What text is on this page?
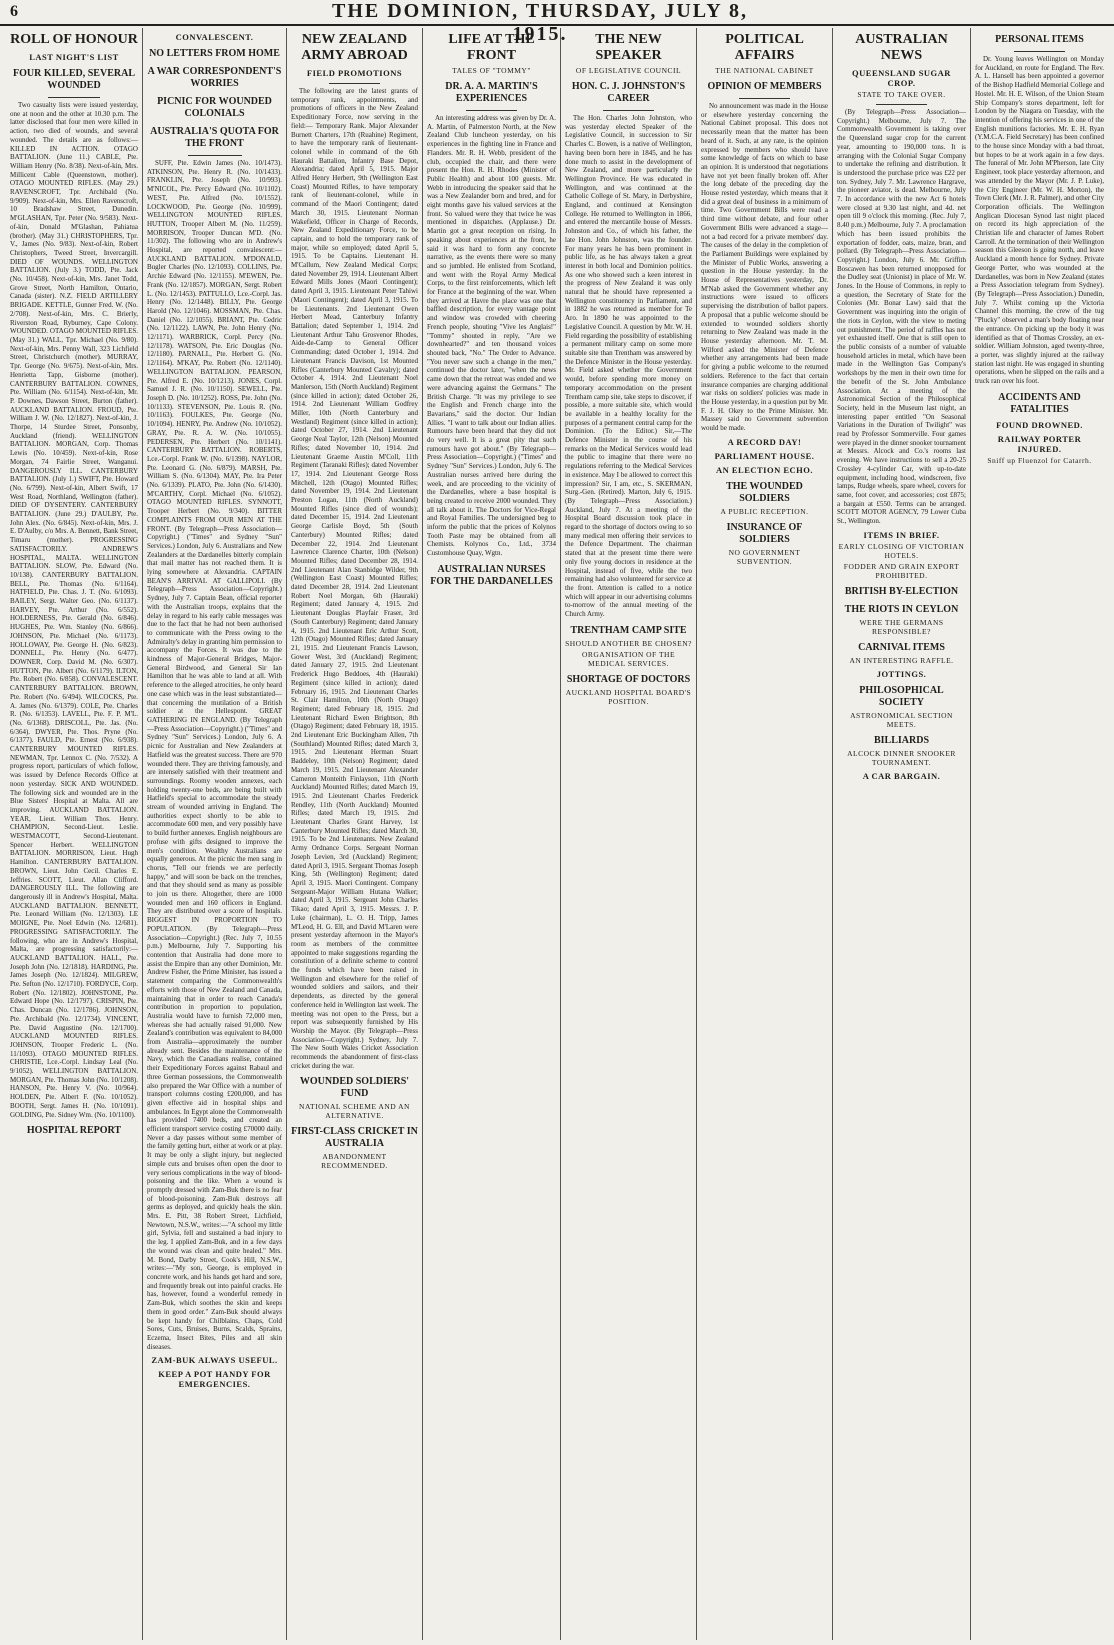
6	THE DOMINION, THURSDAY, JULY 8, 1915.
ROLL OF HONOUR
LAST NIGHT'S LIST
FOUR KILLED, SEVERAL WOUNDED

Two casualty lists were issued yesterday, one at noon and the other at 10.30 p.m. The latter disclosed that four men were killed in action, two died of wounds, and several wounded. The details are as follows:— KILLED IN ACTION. OTAGO BATTALION. (June 11.) CABLE, Pte. William Henry (No. 8/38). Next-of-kin, Mrs. Millicent Cable (Queenstown, mother). OTAGO MOUNTED RIFLES. (May 29.) RAVENSCROFT, Tpr. Archibald (No. 9/909). Next-of-kin, Mrs. Ellen Ravenscroft, 10 Bradshaw Street, Dunedin. M'GLASHAN, Tpr. Peter (No. 9/583). Next-of-kin, Donald M'Glashan, Pahiatua (brother). (May 31.) CHRISTOPHERS, Tpr. V., James (No. 9/83). Next-of-kin, Robert Christophers, Tweed Street, Invercargill. DIED OF WOUNDS. WELLINGTON BATTALION. (July 3.) TODD, Pte. Jack (No. 10/458). Next-of-kin, Mrs. Janet Todd, Grove Street, North Hamilton, Ontario, Canada (sister). N.Z. FIELD ARTILLERY BRIGADE. KETTLE, Gunner Fred. W. (No. 2/708). Next-of-kin, Mrs. C. Brierly, Riverston Road, Ryburney, Cape Colony. WOUNDED. OTAGO MOUNTED RIFLES. (May 31.) WALL, Tpr. Michael (No. 9/80). Next-of-kin, Mrs. Penny Wall, 323 Lichfield Street, Christchurch (mother). MURRAY, Tpr. George (No. 9/675). Next-of-kin, Mrs. Henrietta Tapp, Gisborne (mother). CANTERBURY BATTALION. COWNES, Pte. William (No. 6/1154). Next-of-kin, Mr. P. Downes, Dawson Street, Burton (father). AUCKLAND BATTALION. FROUD, Pte. William J. W. (No. 12/1827). Next-of-kin, J. Thorpe, 14 Sturdee Street, Ponsonby, Auckland (friend). WELLINGTON BATTALION. MORGAN, Corp. Thomas Lewis (No. 10/459). Next-of-kin, Rose Morgan, 74 Fairlie Street, Wanganui. DANGEROUSLY ILL. CANTERBURY BATTALION. (July 1.) SWIFT, Pte. Howard (No. 6/799). Next-of-kin, Albert Swift, 17 West Road, Northland, Wellington (father). DIED OF DYSENTERY. CANTERBURY BATTALION. (June 29.) D'AULBY, Pte. John Alex. (No. 6/845). Next-of-kin, Mrs. J. E. D'Aulby, c/o Mrs. A. Bennett, Bank Street, Timaru (mother). PROGRESSING SATISFACTORILY. ANDREW'S HOSPITAL, MALTA. WELLINGTON BATTALION. SLOW, Pte. Edward (No. 10/138). CANTERBURY BATTALION. BELL, Pte. Thomas (No. 6/1164). HATFIELD, Pte. Chas. J. T. (No. 6/1093). BAILEY, Sergt. Walter Geo. (No. 6/1137). HARVEY, Pte. Arthur (No. 6/552). HOLDERNESS, Pte. Gerald (No. 6/846). HUGHES, Pte. Wm. Stanley (No. 6/866). JOHNSON, Pte. Michael (No. 6/1173). HOLLOWAY, Pte. George H. (No. 6/823). DONNELL, Pte. Henry (No. 6/477). DOWNER, Corp. David M. (No. 6/307). HUTTON, Pte. Albert (No. 6/1179). ILTON, Pte. Robert (No. 6/858). CONVALESCENT. CANTERBURY BATTALION. BROWN, Pte. Robert (No. 6/494). WILCOCKS, Pte. A. James (No. 6/1379). COLE, Pte. Charles R. (No. 6/1353). LAVELL, Pte. F. P. M'L. (No. 6/1368). DRISCOLL, Pte. Jas. (No. 6/364). DWYER, Pte. Thos. Pryne (No. 6/1377). FAULD, Pte. Ernest (No. 6/938). CANTERBURY MOUNTED RIFLES. NEWMAN, Tpr. Lennox C. (No. 7/532). A progress report, particulars of which follow, was issued by Defence Records Office at noon yesterday. SICK AND WOUNDED. The following sick and wounded are in the Blue Sisters' Hospital at Malta. All are improving. AUCKLAND BATTALION. YEAR, Lieut. William Thos. Henry. CHAMPION, Second-Lieut. Leslie. WESTMACOTT, Second-Lieutenant. Spencer Herbert. WELLINGTON BATTALION. MORRISON, Lieut. Hugh Hamilton. CANTERBURY BATTALION. BROWN, Lieut. John Cecil. Charles E. Jeffries. SCOTT, Lieut. Allan Clifford. DANGEROUSLY ILL. The following are dangerously ill in Andrew's Hospital, Malta. AUCKLAND BATTALION. BENNETT, Pte. Leonard William (No. 12/1303). LE MOIGNE, Pte. Noel Edwin (No. 12/681). PROGRESSING SATISFACTORILY. The following, who are in Andrew's Hospital, Malta, are progressing satisfactorily:— AUCKLAND BATTALION. HALL, Pte. Joseph John (No. 12/1818). HARDING, Pte. James Joseph (No. 12/1824). MILGREW, Pte. Sefton (No. 12/1710). FORDYCE, Corp. Robert (No. 12/1802). JOHNSTONE, Pte. Edward Hope (No. 12/1797). CRISPIN, Pte. Chas. Duncan (No. 12/1786). JOHNSON, Pte. Archibald (No. 12/1734). VINCENT, Pte. David Augustine (No. 12/1700). AUCKLAND MOUNTED RIFLES. JOHNSON, Trooper Frederic L. (No. 11/1093). OTAGO MOUNTED RIFLES. CHRISTIE, Lce.-Corpl. Lindsay Leal (No. 9/1052). WELLINGTON BATTALION. MORGAN, Pte. Thomas John (No. 10/1208). HANSON, Pte. Henry V. (No. 10/964). HOLDEN, Pte. Albert F. (No. 10/1052). BOOTH, Sergt. James H. (No. 10/1091). GOLDING, Pte. Sidney Wm. (No. 10/1100).

HOSPITAL REPORT
CONVALESCENT.
NO LETTERS FROM HOME
A WAR CORRESPONDENT'S WORRIES
PICNIC FOR WOUNDED COLONIALS
AUSTRALIA'S QUOTA FOR THE FRONT

SUFF, Pte. Edwin James (No. 10/1473). ATKINSON, Pte. Henry R. (No. 10/1433). FRANKLIN, Pte. Joseph (No. 10/993). M'NICOL, Pte. Percy Edward (No. 10/1102). WEST, Pte. Alfred (No. 10/1552). LOCKWOOD, Pte. George (No. 10/999). WELLINGTON MOUNTED RIFLES. HUTTON, Trooper Albert M. (No. 11/259). MORRISON, Trooper Duncan M'D. (No. 11/302). The following who are in Andrew's Hospital, are reported convalescent:— AUCKLAND BATTALION. M'DONALD, Bugler Charles (No. 12/1093). COLLINS, Pte. Archie Edward (No. 12/1155). M'EWEN, Pte. Frank (No. 12/1857). MORGAN, Sergt. Robert L. (No. 12/1453). PATTULLO, Lce.-Corpl. Jas. Henry (No. 12/1448). BILLY, Pte. George Harold (No. 12/1046). MOSSMAN, Pte. Chas. Daniel (No. 12/1055). BRIANT, Pte. Cedric (No. 12/1122). LAWN, Pte. John Henry (No. 12/1171). WARBRICK, Corpl. Percy (No. 12/1178). WATSON, Pte. Eric Douglas (No. 12/1180). PARNALL, Pte. Herbert G. (No. 12/1164). M'KAY, Pte. Robert (No. 12/1140). WELLINGTON BATTALION. PEARSON, Pte. Alfred E. (No. 10/1213). JONES, Corpl. Samuel J. R. (No. 10/1150). SEWELL, Pte. Joseph D. (No. 10/1252). ROSS, Pte. John (No. 10/1133). STEVENSON, Pte. Louis R. (No. 10/1163). FOULKES, Pte. George (No. 10/1094). HENRY, Pte. Andrew (No. 10/1052). GRAY, Pte. R. A. W. (No. 10/1055). PEDERSEN, Pte. Herbert (No. 10/1141). CANTERBURY BATTALION. ROBERTS, Lce.-Corpl. Frank W. (No. 6/1398). NAYLOR, Pte. Leonard G. (No. 6/879). MARSH, Pte. William S. (No. 6/1304). MAY, Pte. Ira Peter (No. 6/1339). PLATO, Pte. John (No. 6/1430). M'CARTHY, Corpl. Michael (No. 6/1052). OTAGO MOUNTED RIFLES. SYNNOTT, Trooper Herbert (No. 9/340). BITTER COMPLAINTS FROM OUR MEN AT THE FRONT. (By Telegraph—Press Association—Copyright.) ("Times" and Sydney "Sun" Services.) London, July 6. Australians and New Zealanders at the Dardanelles bitterly complain that mail matter has not reached them. It is lying somewhere at Alexandria. CAPTAIN BEAN'S ARRIVAL AT GALLIPOLI. (By Telegraph—Press Association—Copyright.) Sydney, July 7. Captain Bean, official reporter with the Australian troops, explains that the delay in regard to his early cable messages was due to the fact that he had not been authorised to communicate with the Press owing to the Admiralty's delay in granting him permission to accompany the Forces. It was due to the kindness of Major-General Bridges, Major-General Birdwood, and General Sir Ian Hamilton that he was able to land at all. With reference to the alleged atrocities, he only heard one case which was in the least substantiated—that concerning the mutilation of a British soldier at the Hellespont. GREAT GATHERING IN ENGLAND. (By Telegraph—Press Association—Copyright.) ("Times" and Sydney "Sun" Services.) London, July 6. A picnic for Australian and New Zealanders at Hatfield was the greatest success. There are 970 wounded there. They are thriving famously, and are intensely satisfied with their treatment and surroundings. Roomy wooden annexes, each holding twenty-one beds, are being built with Hatfield's special to accommodate the steady stream of wounded arriving in England. The authorities expect shortly to be able to accommodate 600 men, and very possibly have to build further annexes. English neighbours are profuse with gifts designed to improve the men's condition. Wealthy Australians are equally generous. At the picnic the men sang in chorus, "Tell our friends we are perfectly happy," and will soon be back on the trenches, and that they should send as many as possible to join us there. Altogether, there are 1000 wounded men and 160 officers in England. They are distributed over a score of hospitals. BIGGEST IN PROPORTION TO POPULATION. (By Telegraph—Press Association—Copyright.) (Rec. July 7, 10.55 p.m.) Melbourne, July 7. Supporting his contention that Australia had done more to assist the Empire than any other Dominion, Mr. Andrew Fisher, the Prime Minister, has issued a statement comparing the Commonwealth's efforts with those of New Zealand and Canada, maintaining that in order to reach Canada's contribution in proportion to population, Australia would have to furnish 72,000 men, whereas she had actually raised 91,000. New Zealand's contribution was equivalent to 84,000 from Australia—approximately the number already sent. Besides the maintenance of the Navy, which the Canadians realise, contained their Expeditionary Forces against Rabaul and three German possessions, the Commonwealth also prepared the War Office with a number of transport columns costing £200,000, and has given effective aid in hospital ships and ambulances. In Egypt alone the Commonwealth has provided 7400 beds, and created an efficient transport service costing £70000 daily. Never a day passes without some member of the family getting hurt, either at work or at play. It may be only a slight injury, but neglected simple cuts and bruises often open the door to very serious complications in the way of blood-poisoning and the like. When a wound is promptly dressed with Zam-Buk there is no fear of blood-poisoning. Zam-Buk destroys all germs as deployed, and quickly heals the skin. Mrs. E. Pitt, 38 Robert Street, Lichfield, Newtown, N.S.W., writes:—"A school my little girl, Sylvia, fell and sustained a bad injury to the leg. I applied Zam-Buk, and in a few days the wound was clean and quite healed." Mrs. M. Bond, Darby Street, Cook's Hill, N.S.W., writes:—"My son, George, is employed in concrete work, and his hands get hard and sore, and frequently break out into painful cracks. He has, however, found a wonderful remedy in Zam-Buk, which soothes the skin and keeps them in good order." Zam-Buk should always be kept handy for Chilblains, Chaps, Cold Sores, Cuts, Bruises, Burns, Scalds, Sprains, Eczema, Insect Bites, Piles and all skin diseases.

ZAM-BUK ALWAYS USEFUL.
KEEP A POT HANDY FOR EMERGENCIES.
NEW ZEALAND ARMY ABROAD
FIELD PROMOTIONS

The following are the latest grants of temporary rank, appointments, and promotions of officers in the New Zealand Expeditionary Force, now serving in the field:— Temporary Rank. Major Alexander Burnett Charters, 17th (Ruahine) Regiment, to have the temporary rank of lieutenant-colonel while in command of the 6th Hauraki Battalion, Infantry Base Depot, Alexandria; dated April 5, 1915. Major Alfred Henry Herbert, 9th (Wellington East Coast) Mounted Rifles, to have temporary rank of lieutenant-colonel, while in command of the Maori Contingent; dated March 30, 1915. Lieutenant Norman Wakefield, Officer in Charge of Records, New Zealand Expeditionary Force, to be captain, and to hold the temporary rank of major, while so employed; dated April 5, 1915. To be Captains. Lieutenant H. M'Callum, New Zealand Medical Corps; dated November 29, 1914. Lieutenant Albert Edward Mills Jones (Maori Contingent); dated April 3, 1915. Lieutenant Peter Tahiwi (Maori Contingent); dated April 3, 1915. To be Lieutenants. 2nd Lieutenant Owen Herbert Mead, Canterbury Infantry Battalion; dated September 1, 1914. 2nd Lieutenant Arthur Tahu Grosvenor Rhodes, Aide-de-Camp to General Officer Commanding; dated October 1, 1914. 2nd Lieutenant Francis Davison, 1st Mounted Rifles (Canterbury Mounted Cavalry); dated October 4, 1914. 2nd Lieutenant Noel Manlerson, 15th (North Auckland) Regiment (since killed in action); dated October 26, 1914. 2nd Lieutenant William Godfrey Miller, 10th (North Canterbury and Westland) Regiment (since killed in action); dated October 27, 1914. 2nd Lieutenant George Neal Taylor, 12th (Nelson) Mounted Rifles; dated November 10, 1914. 2nd Lieutenant Graeme Austin M'Coll, 11th Regiment (Taranaki Rifles); dated November 17, 1914. 2nd Lieutenant George Ross Mitchell, 12th (Otago) Mounted Rifles; dated November 19, 1914. 2nd Lieutenant Preston Logan, 11th (North Auckland) Mounted Rifles (since died of wounds); dated December 15, 1914. 2nd Lieutenant George Carlisle Boyd, 5th (South Canterbury) Mounted Rifles; dated December 22, 1914. 2nd Lieutenant Lawrence Clarence Charter, 10th (Nelson) Mounted Rifles; dated December 28, 1914. 2nd Lieutenant Alan Stanbidge Wilder, 9th (Wellington East Coast) Mounted Rifles; dated December 28, 1914. 2nd Lieutenant Robert Noel Morgan, 6th (Hauraki) Regiment; dated January 4, 1915. 2nd Lieutenant Douglas Playfair Fraser, 3rd (South Canterbury) Regiment; dated January 4, 1915. 2nd Lieutenant Eric Arthur Scott, 12th (Otago) Mounted Rifles; dated January 21, 1915. 2nd Lieutenant Francis Lawson, Gower West, 3rd (Auckland) Regiment; dated January 27, 1915. 2nd Lieutenant Frederick Hugo Beddoes, 4th (Hauraki) Regiment (since killed in action); dated February 16, 1915. 2nd Lieutenant Charles St. Clair Hamilton, 10th (North Otago) Regiment; dated February 18, 1915. 2nd Lieutenant Richard Ewen Brightson, 8th (Otago) Regiment; dated February 18, 1915. 2nd Lieutenant Eric Buckingham Allen, 7th (Southland) Mounted Rifles; dated March 3, 1915. 2nd Lieutenant Herman Stuart Baddeley, 10th (Nelson) Regiment; dated March 19, 1915. 2nd Lieutenant Alexander Cameron Monteith Finlayson, 11th (North Auckland) Mounted Rifles; dated March 19, 1915. 2nd Lieutenant Charles Frederick Rendley, 11th (North Auckland) Mounted Rifles; dated March 19, 1915. 2nd Lieutenant Charles Grant Harvey, 1st Canterbury Mounted Rifles; dated March 30, 1915. To be 2nd Lieutenants. New Zealand Army Ordnance Corps. Sergeant Norman Joseph Levien, 3rd (Auckland) Regiment; dated April 3, 1915. Sergeant Thomas Joseph King, 5th (Wellington) Regiment; dated April 3, 1915. Maori Contingent. Company Sergeant-Major William Hutana Walker; dated April 3, 1915. Sergeant John Charles Tikao; dated April 3, 1915. Messrs. J. P. Luke (chairman), L. O. H. Tripp, James M'Leod, H. G. Ell, and David M'Laren were present yesterday afternoon in the Mayor's room as members of the committee appointed to make suggestions regarding the constitution of a definite scheme to control the funds which have been raised in Wellington and elsewhere for the relief of wounded soldiers and sailors, and their dependents, as directed by the general conference held in Wellington last week. The meeting was not open to the Press, but a report was subsequently furnished by His Worship the Mayor. (By Telegraph—Press Association—Copyright.) Sydney, July 7. The New South Wales Cricket Association recommends the abandonment of first-class cricket during the war.

WOUNDED SOLDIERS' FUND
NATIONAL SCHEME AND AN ALTERNATIVE.
FIRST-CLASS CRICKET IN AUSTRALIA
ABANDONMENT RECOMMENDED.
LIFE AT THE FRONT
TALES OF "TOMMY"
DR. A. A. MARTIN'S EXPERIENCES

An interesting address was given by Dr. A. A. Martin, of Palmerston North, at the New Zealand Club luncheon yesterday, on his experiences in the fighting line in France and Flanders. Mr. R. H. Webb, president of the club, occupied the chair, and there were present the Hon. R. H. Rhodes (Minister of Public Health) and about 100 guests. Mr. Webb in introducing the speaker said that he was a New Zealander born and bred, and for eight months gave his valued services at the front. So valued were they that twice he was mentioned in dispatches. (Applause.) Dr. Martin got a great reception on rising. In speaking about experiences at the front, he said it was hard to form any concrete narrative, as the events there were so many and so jumbled. He enlisted from Scotland, and went with the Royal Army Medical Corps, to the first reinforcements, which left for France at the beginning of the war. When they arrived at Havre the place was one that baffled description, for every vantage point and window was crowded with cheering French people, shouting "Vive les Anglais!" "Tommy" shouted in reply, "Are we downhearted?" and ten thousand voices shouted back, "No." The Order to Advance. "You never saw such a change in the men," continued the doctor later, "when the news came down that the retreat was ended and we were advancing against the Germans." The British Charge. "It was my privilege to see the English and French charge into the Bavarians," said the doctor. Our Indian Allies. "I want to talk about our Indian allies. Rumours have been heard that they did not do very well. It is a great pity that such rumours have got about." (By Telegraph—Press Association—Copyright.) ("Times" and Sydney "Sun" Services.) London, July 6. The Australian nurses arrived here during the week, and are proceeding to the vicinity of the Dardanelles, where a base hospital is being created to receive 2000 wounded. They all talk about it. The Doctors for Vice-Regal and Royal Families. The undersigned beg to inform the public that the prices of Kolynos Tooth Paste may be obtained from all Chemists. Kolynos Co., Ltd., 3734 Customhouse Quay, Wgtn.

AUSTRALIAN NURSES FOR THE DARDANELLES
THE NEW SPEAKER
OF LEGISLATIVE COUNCIL
HON. C. J. JOHNSTON'S CAREER

The Hon. Charles John Johnston, who was yesterday elected Speaker of the Legislative Council, in succession to Sir Charles C. Bowen, is a native of Wellington, having been born here in 1845, and he has done much to assist in the development of New Zealand, and more particularly the Wellington Province. He was educated in Wellington, and was continued at the Catholic College of St. Mary, in Derbyshire, England, and continued at Kensington College. He returned to Wellington in 1866, and entered the mercantile house of Messrs. Johnston and Co., of which his father, the late Hon. John Johnston, was the founder. For many years he has been prominent in public life, as he has always taken a great interest in both local and Dominion politics. As one who showed such a keen interest in the progress of New Zealand it was only natural that he should have represented a Wellington constituency in Parliament, and in 1882 he was returned as member for Te Aro. In 1890 he was appointed to the Legislative Council. A question by Mr. W. H. Field regarding the possibility of establishing a permanent military camp on some more suitable site than Trentham was answered by the Defence Minister in the House yesterday. Mr. Field asked whether the Government would, before spending more money on temporary accommodation on the present Trentham camp site, take steps to discover, if possible, a more suitable site, which would be available in a healthy locality for the purposes of a permanent central camp for the Dominion. (To the Editor.) Sir,—The Defence Minister in the course of his remarks on the Medical Services would lead the public to imagine that there were no regulations referring to the Medical Services in existence. May I be allowed to correct this impression? Sir, I am, etc., S. SKERMAN, Surg.-Gen. (Retired). Marton, July 6, 1915. (By Telegraph—Press Association.) Auckland, July 7. At a meeting of the Hospital Board discussion took place in regard to the shortage of doctors owing to so many medical men offering their services to the Defence Department. The chairman stated that at the present time there were only five young doctors in residence at the Hospital, instead of five, while the two remaining had also volunteered for service at the front. Attention is called to a notice which will appear in our advertising columns to-morrow of the annual meeting of the Church Army.

TRENTHAM CAMP SITE
SHOULD ANOTHER BE CHOSEN?
ORGANISATION OF THE MEDICAL SERVICES.
SHORTAGE OF DOCTORS
AUCKLAND HOSPITAL BOARD'S POSITION.
POLITICAL AFFAIRS
THE NATIONAL CABINET
OPINION OF MEMBERS

No announcement was made in the House or elsewhere yesterday concerning the National Cabinet proposal. This does not necessarily mean that the matter has been heard of it. Such, at any rate, is the opinion expressed by members who should have some knowledge of facts on which to base an opinion. It is understood that negotiations have not yet been finally broken off. After the long debate of the preceding day the House rested yesterday, which means that it did a great deal of business in a minimum of time. Two Government Bills were read a third time without debate, and four other Government Bills were advanced a stage—not a bad record for a private members' day. The causes of the delay in the completion of the Parliament Buildings were explained by the Minister of Public Works, answering a question in the House yesterday. In the House of Representatives yesterday, Dr. M'Nab asked the Government whether any instructions were issued to officers supervising the distribution of ballot papers. A proposal that a public welcome should be extended to wounded soldiers shortly returning to New Zealand was made in the House yesterday afternoon. Mr. T. M. Wilford asked the Minister of Defence whether any arrangements had been made for giving a public welcome to the returned soldiers. Reference to the fact that certain insurance companies are charging additional war risks on soldiers' policies was made in the House yesterday, in a question put by Mr. F. J. H. Okey to the Prime Minister. Mr. Massey said no Government subvention would be made.

A RECORD DAY!
PARLIAMENT HOUSE.
AN ELECTION ECHO.
THE WOUNDED SOLDIERS
A PUBLIC RECEPTION.
INSURANCE OF SOLDIERS
NO GOVERNMENT SUBVENTION.
AUSTRALIAN NEWS
QUEENSLAND SUGAR CROP.
STATE TO TAKE OVER.

(By Telegraph—Press Association—Copyright.) Melbourne, July 7. The Commonwealth Government is taking over the Queensland sugar crop for the current year, amounting to 190,000 tons. It is arranging with the Colonial Sugar Company to undertake the refining and distribution. It is understood the purchase price was £22 per ton. Sydney, July 7. Mr. Lawrence Hargrave, the pioneer aviator, is dead. Melbourne, July 7. In accordance with the new Act 6 hotels were closed at 9.30 last night, and 4d. net open till 9 o'clock this morning. (Rec. July 7, 8.40 p.m.) Melbourne, July 7. A proclamation which has been issued prohibits the exportation of fodder, oats, maize, bran, and pollard. (By Telegraph—Press Association—Copyright.) London, July 6. Mr. Griffith Boscawen has been returned unopposed for the Dudley seat (Unionist) in place of Mr. W. Jones. In the House of Commons, in reply to a question, the Secretary of State for the Colonies (Mr. Bonar Law) said that the Government was inquiring into the origin of the riots in Ceylon, with the view to meting out punishment. The period of raffles has not yet exhausted itself. One that is still open to the public consists of a number of valuable household articles in metal, which have been made in the Wellington Gas Company's workshops by the men in their own time for the benefit of the St. John Ambulance Association. At a meeting of the Astronomical Section of the Philosophical Society, held in the Museum last night, an interesting paper entitled "On Seasonal Variations in the Duration of Twilight" was read by Professor Sommerville. Four games were played in the dinner snooker tournament at Messrs. Alcock and Co.'s rooms last evening. We have instructions to sell a 20-25 Crossley 4-cylinder Car, with up-to-date equipment, including hood, windscreen, five lamps, Rudge wheels, spare wheel, covers for same, foot cover, and accessories; cost £875; a bargain at £550. Terms can be arranged. SCOTT MOTOR AGENCY, 79 Lower Cuba St., Wellington.

ITEMS IN BRIEF.
EARLY CLOSING OF VICTORIAN HOTELS.
FODDER AND GRAIN EXPORT PROHIBITED.
BRITISH BY-ELECTION
THE RIOTS IN CEYLON
WERE THE GERMANS RESPONSIBLE?
CARNIVAL ITEMS
AN INTERESTING RAFFLE.
JOTTINGS.
PHILOSOPHICAL SOCIETY
ASTRONOMICAL SECTION MEETS.
BILLIARDS
ALCOCK DINNER SNOOKER TOURNAMENT.
A CAR BARGAIN.
PERSONAL ITEMS

Dr. Young leaves Wellington on Monday for Auckland, en route for England. The Rev. A. L. Hansell has been appointed a governor of the Bishop Hadfield Memorial College and Hostel. Mr. H. E. Wilson, of the Union Steam Ship Company's stores department, left for London by the Niagara on Tuesday, with the intention of offering his services in one of the English munitions factories. Mr. E. H. Ryan (Y.M.C.A. Field Secretary) has been confined to the house since Monday with a bad throat, but hopes to be at work again in a few days. The funeral of Mr. John M'Pherson, late City Engineer, took place yesterday afternoon, and was attended by the Mayor (Mr. J. P. Luke), the City Engineer (Mr. W. H. Morton), the Town Clerk (Mr. J. R. Palmer), and other City Corporation officials. The Wellington Anglican Diocesan Synod last night placed on record its high appreciation of the Christian life and character of James Robert Carroll. At the termination of their Wellington season this Gleeson is going north, and leave Auckland a month hence for Sydney. Private George Porter, who was wounded at the Dardanelles, was born in New Zealand (states a Press Association telegram from Sydney). (By Telegraph—Press Association.) Dunedin, July 7. Whilst coming up the Victoria Channel this morning, the crew of the tug "Plucky" observed a man's body floating near the entrance. On picking up the body it was identified as that of Thomas Crossley, an ex-soldier. William Johnston, aged twenty-three, a porter, was slightly injured at the railway station last night. He was engaged in shunting operations, when he slipped on the rails and a truck ran over his foot.

ACCIDENTS AND FATALITIES
FOUND DROWNED.
RAILWAY PORTER INJURED.
Sniff up Fluenzol for Catarrh.
